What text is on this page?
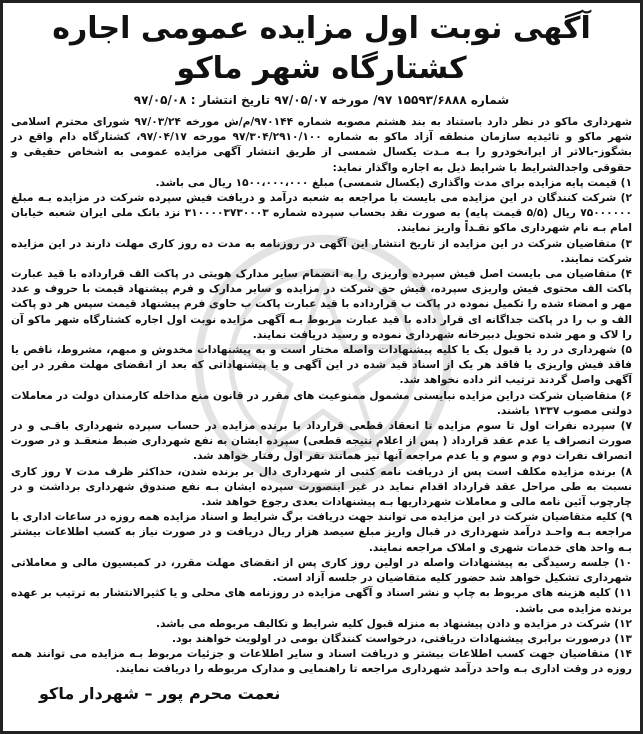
آگهی نوبت اول مزایده عمومی اجاره کشتارگاه شهر ماکو
شماره ۱۵۵۹۳/۶۸۸۸ ۹۷/ مورخه ۹۷/۰۵/۰۷ تاریخ انتشار : ۹۷/۰۵/۰۸

شهرداری ماکو در نظر دارد باستناد به بند هشتم مصوبه شماره ۹۷۰۱۴۴/م/ش مورخه ۹۷/۰۳/۲۴ شورای محترم اسلامی شهر ماکو و تائیدیه سازمان منطقه آزاد ماکو به شماره ۹۷/۳۰۴/۲۹۱۰/۱۰۰ مورخه ۹۷/۰۴/۱۷، کشتارگاه دام واقع در بشگوز-بالاتر از ایرانخودرو را بـه مـدت یکسال شمسی از طریق انتشار آگهی مزایده عمومی به اشخاص حقیقی و حقوقی واجدالشرایط با شرایط ذیل به اجاره واگذار نماید:

۱) قیمت پایه مزایده برای مدت واگذاری (یکسال شمسی) مبلغ ۱۵۰۰،۰۰۰،۰۰۰ ریال می باشد.

۲) شرکت کنندگان در این مزایده می بایست با مراجعه به شعبه درآمد و دریافت فیش سپرده شرکت در مزایده بـه مبلغ ۷۵۰۰۰۰۰۰ ریال (۵/۵ قیمت پایه) به صورت نقد بحساب سپرده شماره ۳۱۰۰۰۰۳۷۳۰۰۰۳ نزد بانک ملی ایران شعبه خیابان امام بـه نام شهرداری ماکو نقـداً واریز نمایند.

۳) متقاضیان شرکت در این مزایده از تاریخ انتشار این آگهی در روزنامه به مدت ده روز کاری مهلت دارند در این مزایده شرکت نمایند.

۴) متقاضیان می بایست اصل فیش سپرده واریزی را به انضمام سایر مدارک هویتی در پاکت الف قرارداده با قید عبارت پاکت الف محتوی فیش واریزی سپرده، فیش حق شرکت در مزایده و سایر مدارک و فرم پیشنهاد قیمت با حروف و عدد مهر و امضاء شده را تکمیل نموده در پاکت ب قرارداده با قید عبارت پاکت ب حاوی فرم پیشنهاد قیمت سپس هر دو پاکت الف و ب را در پاکت جداگانه ای قرار داده با قید عبارت مربوط بـه آگهی مزایده نوبت اول اجاره کشتارگاه شهر ماکو آن را لاک و مهر شده تحویل دبیرخانه شهرداری نموده و رسید دریافت نمایند.

۵) شهرداری در رد یا قبول یک یا کلیه پیشنهادات واصله مختار است و به پیشنهادات مخدوش و مبهم، مشروط، ناقص یا فاقد فیش واریزی یا فاقد هر یک از اسناد قید شده در این آگهی و یا پیشنهاداتی که بعد از انقضای مهلت مقرر در این آگهی واصل گردند ترتیب اثر داده نخواهد شد.

۶) متقاضیان شرکت دراین مزایده نبایستی مشمول ممنوعیت های مقرر در قانون منع مداخله کارمندان دولت در معاملات دولتی مصوب ۱۳۳۷ باشند.

۷) سپرده نفرات اول تا سوم مزایده تا انعقاد قطعی قرارداد با برنده مزایده در حساب سپرده شهرداری باقـی و در صورت انصراف یا عدم عقد قرارداد ( پس از اعلام نتیجه قطعی) سپرده ایشان به نفع شهرداری ضبط منعقـد و در صورت انصراف نفرات دوم و سوم و یا عدم مراجعه آنها نیز همانند نفر اول رفتار خواهد شد.

۸) برنده مزایده مکلف است پس از دریافت نامه کتبی از شهرداری دال بر برنده شدن، حداکثر ظرف مدت ۷ روز کاری نسبت به طی مراحل عقد قرارداد اقدام نماید در غیر اینصورت سپرده ایشان بـه نفع صندوق شهرداری برداشت و در چارچوب آئین نامه مالی و معاملات شهرداریها بـه پیشنهادات بعدی رجوع خواهد شد.

۹) کلیه متقاضیان شرکت در این مزایده می توانند جهت دریافت برگ شرایط و اسناد مزایده همه روزه در ساعات اداری با مراجعه بـه واحـد درآمد شهرداری در قبال واریز مبلغ سیصد هزار ریال دریافت و در صورت نیاز به کسب اطلاعات بیشتر بـه واحد های خدمات شهری و املاک مراجعه نمایند.

۱۰) جلسه رسیدگی به پیشنهادات واصله در اولین روز کاری پس از انقضای مهلت مقرر، در کمیسیون مالی و معاملاتی شهرداری تشکیل خواهد شد حضور کلیه متقاضیان در جلسه آزاد است.

۱۱) کلیه هزینه های مربوط به چاپ و نشر اسناد و آگهی مزایده در روزنامه های محلی و یا کثیرالانتشار به ترتیب بر عهده برنده مزایده می باشد.

۱۲) شرکت در مزایده و دادن پیشنهاد به منزله قبول کلیه شرایط و تکالیف مربوطه می باشد.

۱۳) درصورت برابری پیشنهادات دریافتی، درخواست کنندگان بومی در اولویت خواهند بود.

۱۴) متقاضیان جهت کسب اطلاعات بیشتر و دریافت اسناد و سایر اطلاعات و جزئیات مربوط بـه مزایده می توانند همه روزه در وقت اداری بـه واحد درآمد شهرداری مراجعه تا راهنمایی و مدارک مربوطه را دریافت نمایند.

نعمت محرم پور – شهردار ماکو
